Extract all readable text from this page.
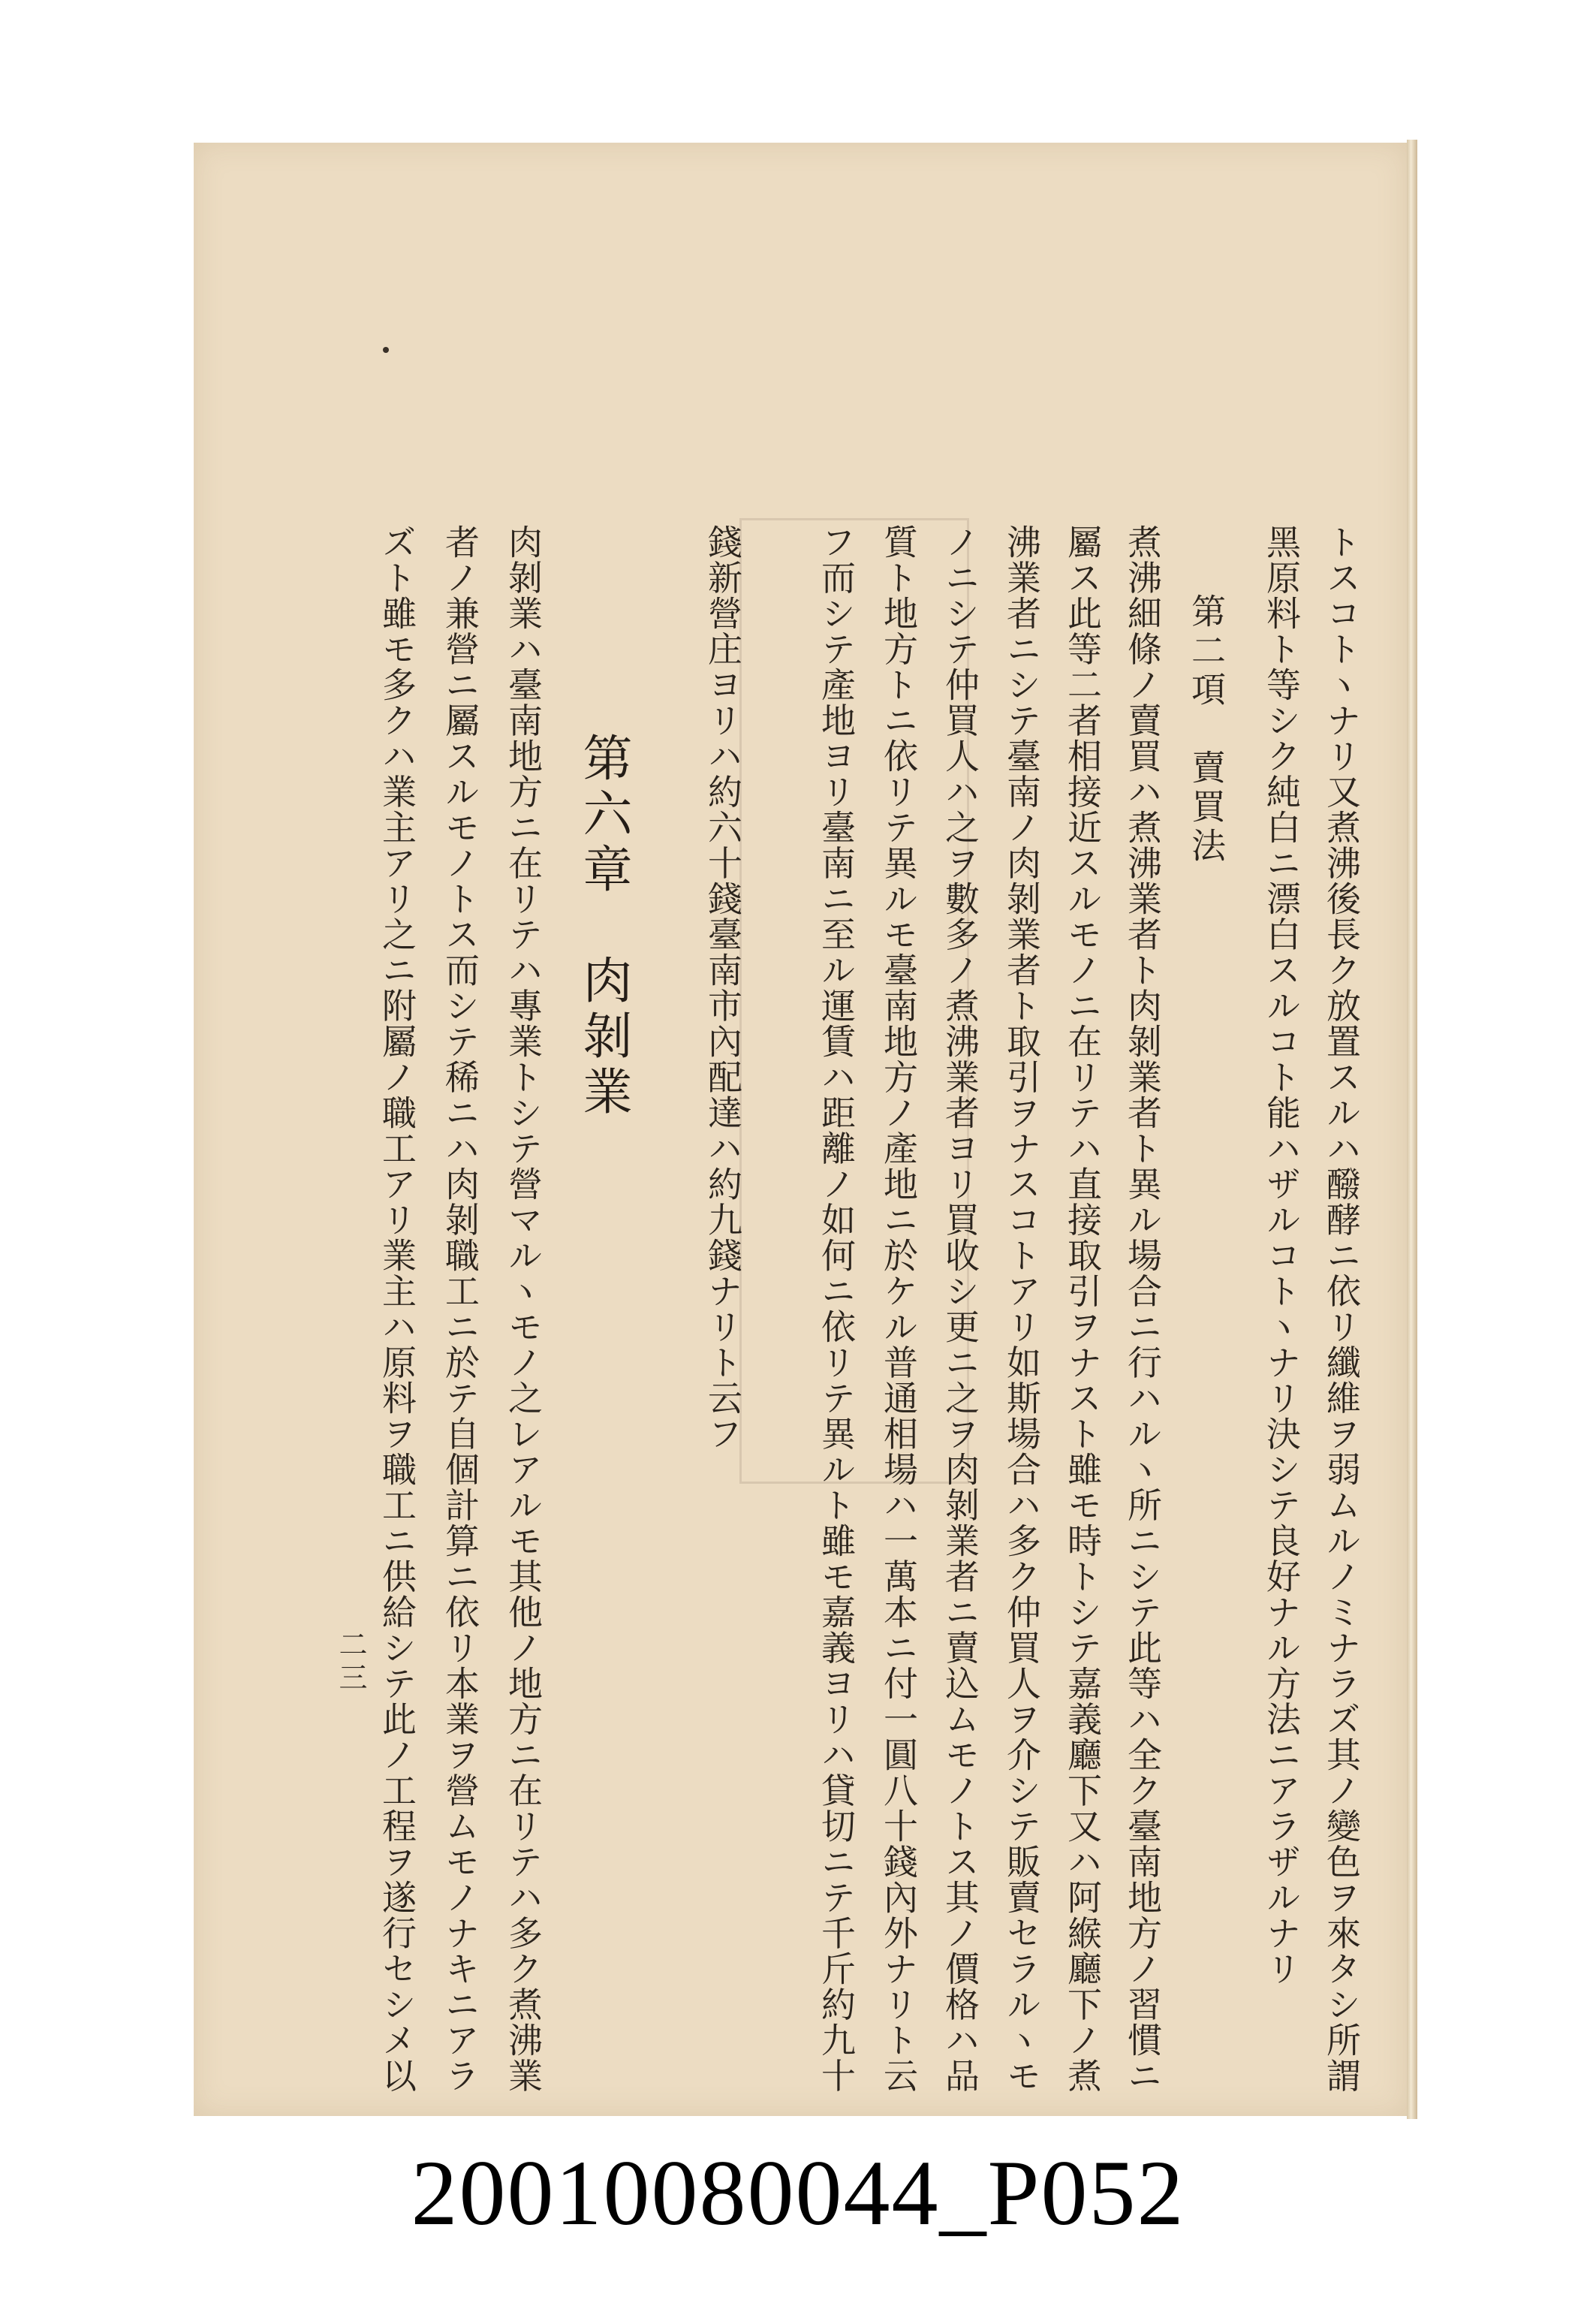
トスコトヽナリ又煮沸後長ク放置スルハ醱酵ニ依リ纖維ヲ弱ムルノミナラズ其ノ變色ヲ來タシ所謂
黑原料ト等シク純白ニ漂白スルコト能ハザルコトヽナリ決シテ良好ナル方法ニアラザルナリ
第二項　賣買法
煮沸細條ノ賣買ハ煮沸業者ト肉剝業者ト異ル場合ニ行ハルヽ所ニシテ此等ハ全ク臺南地方ノ習慣ニ
屬ス此等二者相接近スルモノニ在リテハ直接取引ヲナスト雖モ時トシテ嘉義廳下又ハ阿緱廳下ノ煮
沸業者ニシテ臺南ノ肉剝業者ト取引ヲナスコトアリ如斯場合ハ多ク仲買人ヲ介シテ販賣セラルヽモ
ノニシテ仲買人ハ之ヲ數多ノ煮沸業者ヨリ買收シ更ニ之ヲ肉剝業者ニ賣込ムモノトス其ノ價格ハ品
質ト地方トニ依リテ異ルモ臺南地方ノ產地ニ於ケル普通相場ハ一萬本ニ付一圓八十錢內外ナリト云
フ而シテ產地ヨリ臺南ニ至ル運賃ハ距離ノ如何ニ依リテ異ルト雖モ嘉義ヨリハ貸切ニテ千斤約九十
錢新營庄ヨリハ約六十錢臺南市內配達ハ約九錢ナリト云フ
第六章　肉剝業
肉剝業ハ臺南地方ニ在リテハ專業トシテ營マルヽモノ之レアルモ其他ノ地方ニ在リテハ多ク煮沸業
者ノ兼營ニ屬スルモノトス而シテ稀ニハ肉剝職工ニ於テ自個計算ニ依リ本業ヲ營ムモノナキニアラ
ズト雖モ多クハ業主アリ之ニ附屬ノ職工アリ業主ハ原料ヲ職工ニ供給シテ此ノ工程ヲ遂行セシメ以
二三
20010080044_P052
